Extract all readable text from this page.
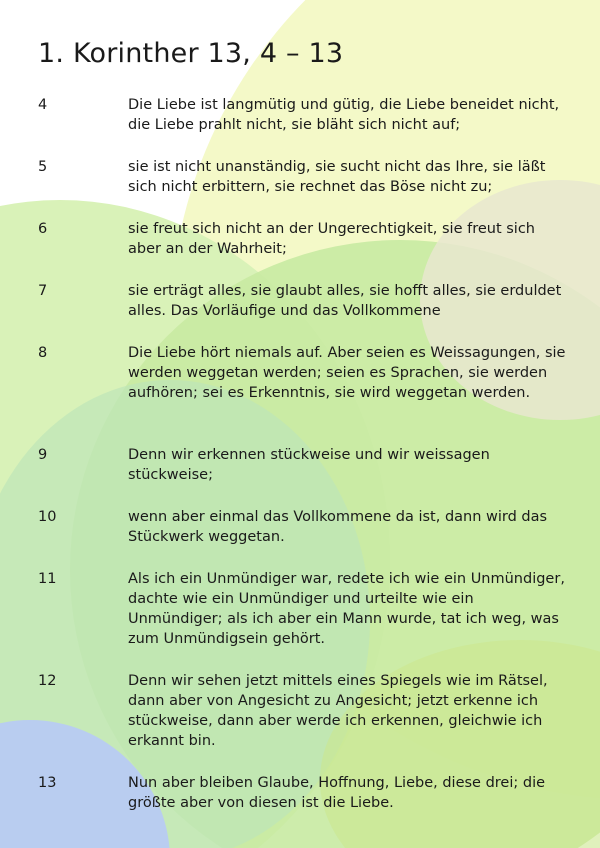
1. Korinther 13, 4 – 13
4	Die Liebe ist langmütig und gütig, die Liebe beneidet nicht, die Liebe prahlt nicht, sie bläht sich nicht auf;
5	sie ist nicht unanständig, sie sucht nicht das Ihre, sie läßt sich nicht erbittern, sie rechnet das Böse nicht zu;
6	sie freut sich nicht an der Ungerechtigkeit, sie freut sich aber an der Wahrheit;
7	sie erträgt alles, sie glaubt alles, sie hofft alles, sie erduldet alles. Das Vorläufige und das Vollkommene
8	Die Liebe hört niemals auf. Aber seien es Weissagungen, sie werden weggetan werden; seien es Sprachen, sie werden aufhören; sei es Erkenntnis, sie wird weggetan werden.
9	Denn wir erkennen stückweise und wir weissagen stückweise;
10	wenn aber einmal das Vollkommene da ist, dann wird das Stückwerk weggetan.
11	Als ich ein Unmündiger war, redete ich wie ein Unmündiger, dachte wie ein Unmündiger und urteilte wie ein Unmündiger; als ich aber ein Mann wurde, tat ich weg, was zum Unmündigsein gehört.
12	Denn wir sehen jetzt mittels eines Spiegels wie im Rätsel, dann aber von Angesicht zu Angesicht; jetzt erkenne ich stückweise, dann aber werde ich erkennen, gleichwie ich erkannt bin.
13	Nun aber bleiben Glaube, Hoffnung, Liebe, diese drei; die größte aber von diesen ist die Liebe.
